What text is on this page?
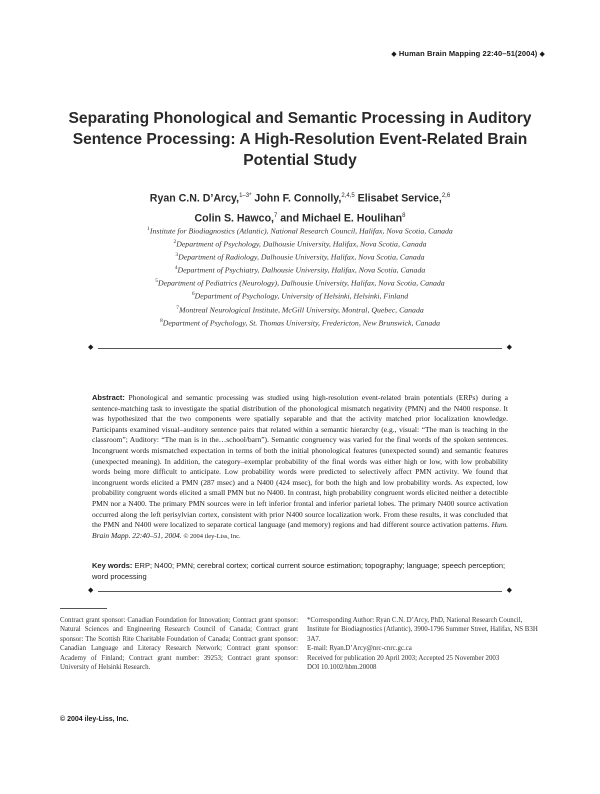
◆ Human Brain Mapping 22:40–51(2004) ◆
Separating Phonological and Semantic Processing in Auditory Sentence Processing: A High-Resolution Event-Related Brain Potential Study
Ryan C.N. D’Arcy,$^{1-3*}$ John F. Connolly,$^{2,4,5}$ Elisabet Service,$^{2,6}$
Colin S. Hawco,$^7$ and Michael E. Houlihan$^8$
$^1$Institute for Biodiagnostics (Atlantic), National Research Council, Halifax, Nova Scotia, Canada
$^2$Department of Psychology, Dalhousie University, Halifax, Nova Scotia, Canada
$^3$Department of Radiology, Dalhousie University, Halifax, Nova Scotia, Canada
$^4$Department of Psychiatry, Dalhousie University, Halifax, Nova Scotia, Canada
$^5$Department of Pediatrics (Neurology), Dalhousie University, Halifax, Nova Scotia, Canada
$^6$Department of Psychology, University of Helsinki, Helsinki, Finland
$^7$Montreal Neurological Institute, McGill University, Montral, Quebec, Canada
$^8$Department of Psychology, St. Thomas University, Fredericton, New Brunswick, Canada
◆	◆
Abstract: Phonological and semantic processing was studied using high-resolution event-related brain potentials (ERPs) during a sentence-matching task to investigate the spatial distribution of the phonological mismatch negativity (PMN) and the N400 response. It was hypothesized that the two components were spatially separable and that the activity matched prior localization knowledge. Participants examined visual–auditory sentence pairs that related within a semantic hierarchy (e.g., visual: “The man is teaching in the classroom”; Auditory: “The man is in the…school/barn”). Semantic congruency was varied for the final words of the spoken sentences. Incongruent words mismatched expectation in terms of both the initial phonological features (unexpected sound) and semantic features (unexpected meaning). In addition, the category–exemplar probability of the final words was either high or low, with low probability words being more difficult to anticipate. Low probability words were predicted to selectively affect PMN activity. We found that incongruent words elicited a PMN (287 msec) and a N400 (424 msec), for both the high and low probability words. As expected, low probability congruent words elicited a small PMN but no N400. In contrast, high probability congruent words elicited neither a detectible PMN nor a N400. The primary PMN sources were in left inferior frontal and inferior parietal lobes. The primary N400 source activation occurred along the left perisylvian cortex, consistent with prior N400 source localization work. From these results, it was concluded that the PMN and N400 were localized to separate cortical language (and memory) regions and had different source activation patterns. Hum. Brain Mapp. 22:40–51, 2004. © 2004 iley-Liss, Inc.
Key words: ERP; N400; PMN; cerebral cortex; cortical current source estimation; topography; language; speech perception; word processing
◆	◆
Contract grant sponsor: Canadian Foundation for Innovation; Contract grant sponsor: Natural Sciences and Engineering Research Council of Canada; Contract grant sponsor: The Scottish Rite Charitable Foundation of Canada; Contract grant sponsor: Canadian Language and Literacy Research Network; Contract grant sponsor: Academy of Finland; Contract grant number: 39253; Contract grant sponsor: University of Helsinki Research.

*Corresponding Author: Ryan C.N. D’Arcy, PhD, National Research Council, Institute for Biodiagnostics (Atlantic), 3900-1796 Summer Street, Halifax, NS B3H 3A7.

E-mail: Ryan.D’Arcy@nrc-cnrc.gc.ca

Received for publication 20 April 2003; Accepted 25 November 2003

DOI 10.1002/hbm.20008

© 2004 iley-Liss, Inc.
